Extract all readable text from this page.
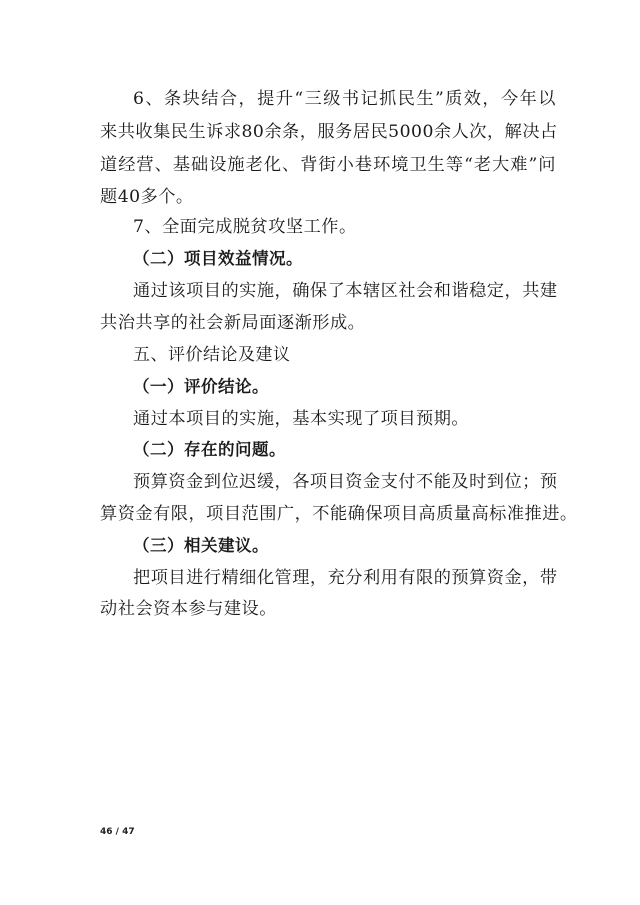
6、条块结合，提升“三级书记抓民生”质效，今年以
来共收集民生诉求80余条，服务居民5000余人次，解决占
道经营、基础设施老化、背街小巷环境卫生等“老大难”问
题40多个。
7、全面完成脱贫攻坚工作。
（二）项目效益情况。
通过该项目的实施，确保了本辖区社会和谐稳定，共建
共治共享的社会新局面逐渐形成。
五、评价结论及建议
（一）评价结论。
通过本项目的实施，基本实现了项目预期。
（二）存在的问题。
预算资金到位迟缓，各项目资金支付不能及时到位；预
算资金有限，项目范围广，不能确保项目高质量高标准推进。
（三）相关建议。
把项目进行精细化管理，充分利用有限的预算资金，带
动社会资本参与建设。
46 / 47
